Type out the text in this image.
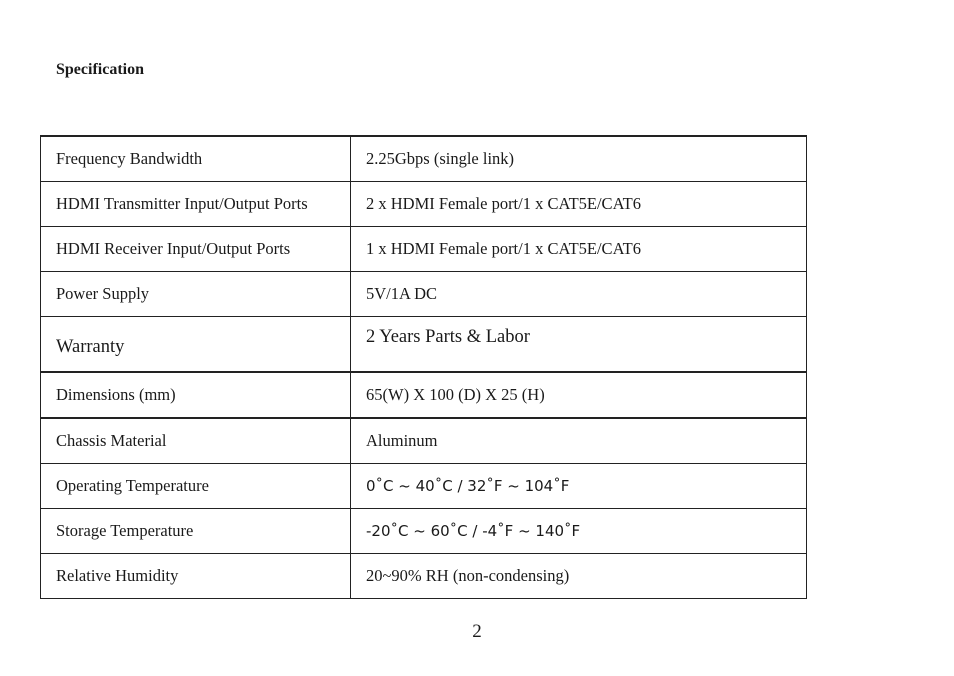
Specification
Frequency Bandwidth	2.25Gbps (single link)
HDMI Transmitter Input/Output Ports	2 x HDMI Female port/1 x CAT5E/CAT6
HDMI Receiver Input/Output Ports	1 x HDMI Female port/1 x CAT5E/CAT6
Power Supply	5V/1A DC
Warranty	2 Years Parts & Labor
Dimensions (mm)	65(W) X 100 (D) X 25 (H)
Chassis Material	Aluminum
Operating Temperature	0˚C ~ 40˚C / 32˚F ~ 104˚F
Storage Temperature	-20˚C ~ 60˚C / -4˚F ~ 140˚F
Relative Humidity	20~90% RH (non-condensing)
2
